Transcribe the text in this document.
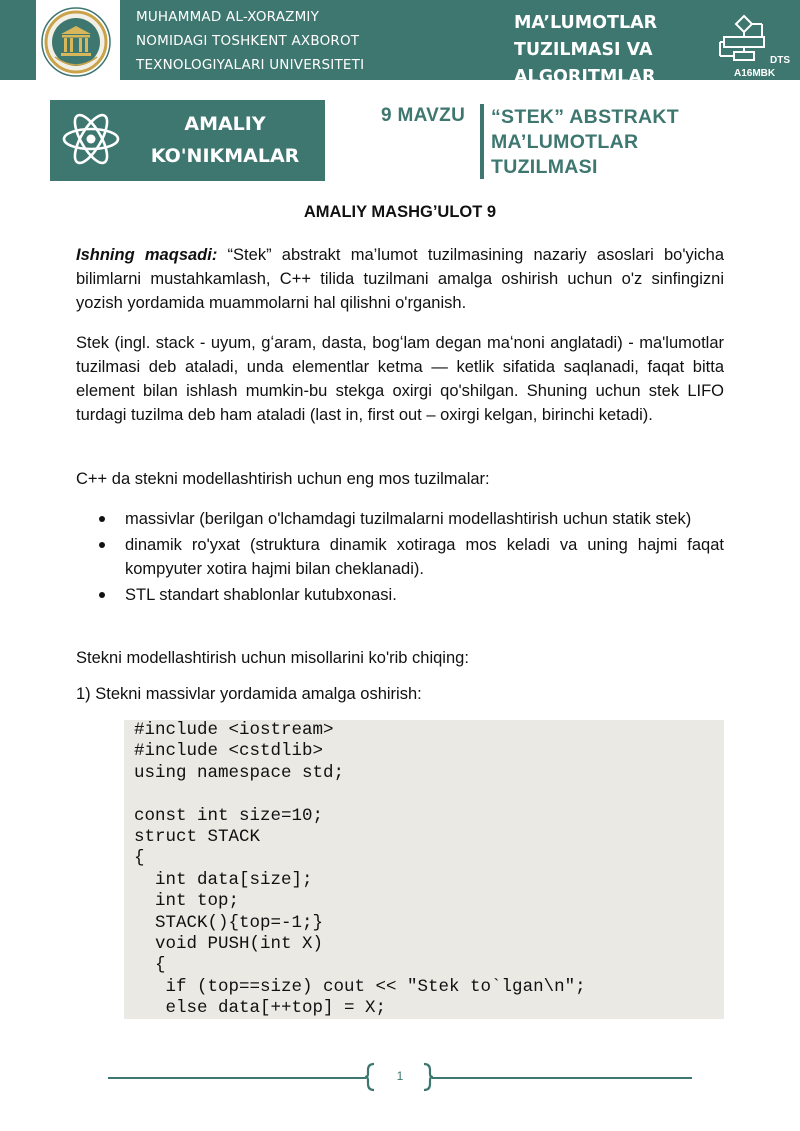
MUHAMMAD AL-XORAZMIY
NOMIDAGI TOSHKENT AXBOROT
TEXNOLOGIYALARI UNIVERSITETI
MA’LUMOTLAR
TUZILMASI VA
ALGORITMLAR
DTS
A16MBK
AMALIY
KO'NIKMALAR
9 MAVZU “STEK” ABSTRAKT
MA’LUMOTLAR
TUZILMASI
AMALIY MASHGʼULOT 9

Ishning maqsadi: “Stek” abstrakt ma’lumot tuzilmasining nazariy asoslari bo'yicha bilimlarni mustahkamlash, C++ tilida tuzilmani amalga oshirish uchun o'z sinfingizni yozish yordamida muammolarni hal qilishni o'rganish.

Stek (ingl. stack - uyum, gʻaram, dasta, bogʻlam degan maʻnoni anglatadi) - ma'lumotlar tuzilmasi deb ataladi, unda elementlar ketma — ketlik sifatida saqlanadi, faqat bitta element bilan ishlash mumkin-bu stekga oxirgi qo'shilgan. Shuning uchun stek LIFO turdagi tuzilma deb ham ataladi (last in, first out – oxirgi kelgan, birinchi ketadi).

C++ da stekni modellashtirish uchun eng mos tuzilmalar:

massivlar (berilgan o'lchamdagi tuzilmalarni modellashtirish uchun statik stek)
dinamik ro'yxat (struktura dinamik xotiraga mos keladi va uning hajmi faqat kompyuter xotira hajmi bilan cheklanadi).
STL standart shablonlar kutubxonasi.

Stekni modellashtirish uchun misollarini ko'rib chiqing:

1) Stekni massivlar yordamida amalga oshirish:

#include <iostream>
#include <cstdlib>
using namespace std;
const int size=10;
struct STACK
{
int data[size];
int top;
STACK(){top=-1;}
void PUSH(int X)
{
if (top==size) cout << "Stek to`lgan\n";
else data[++top] = X;
1
